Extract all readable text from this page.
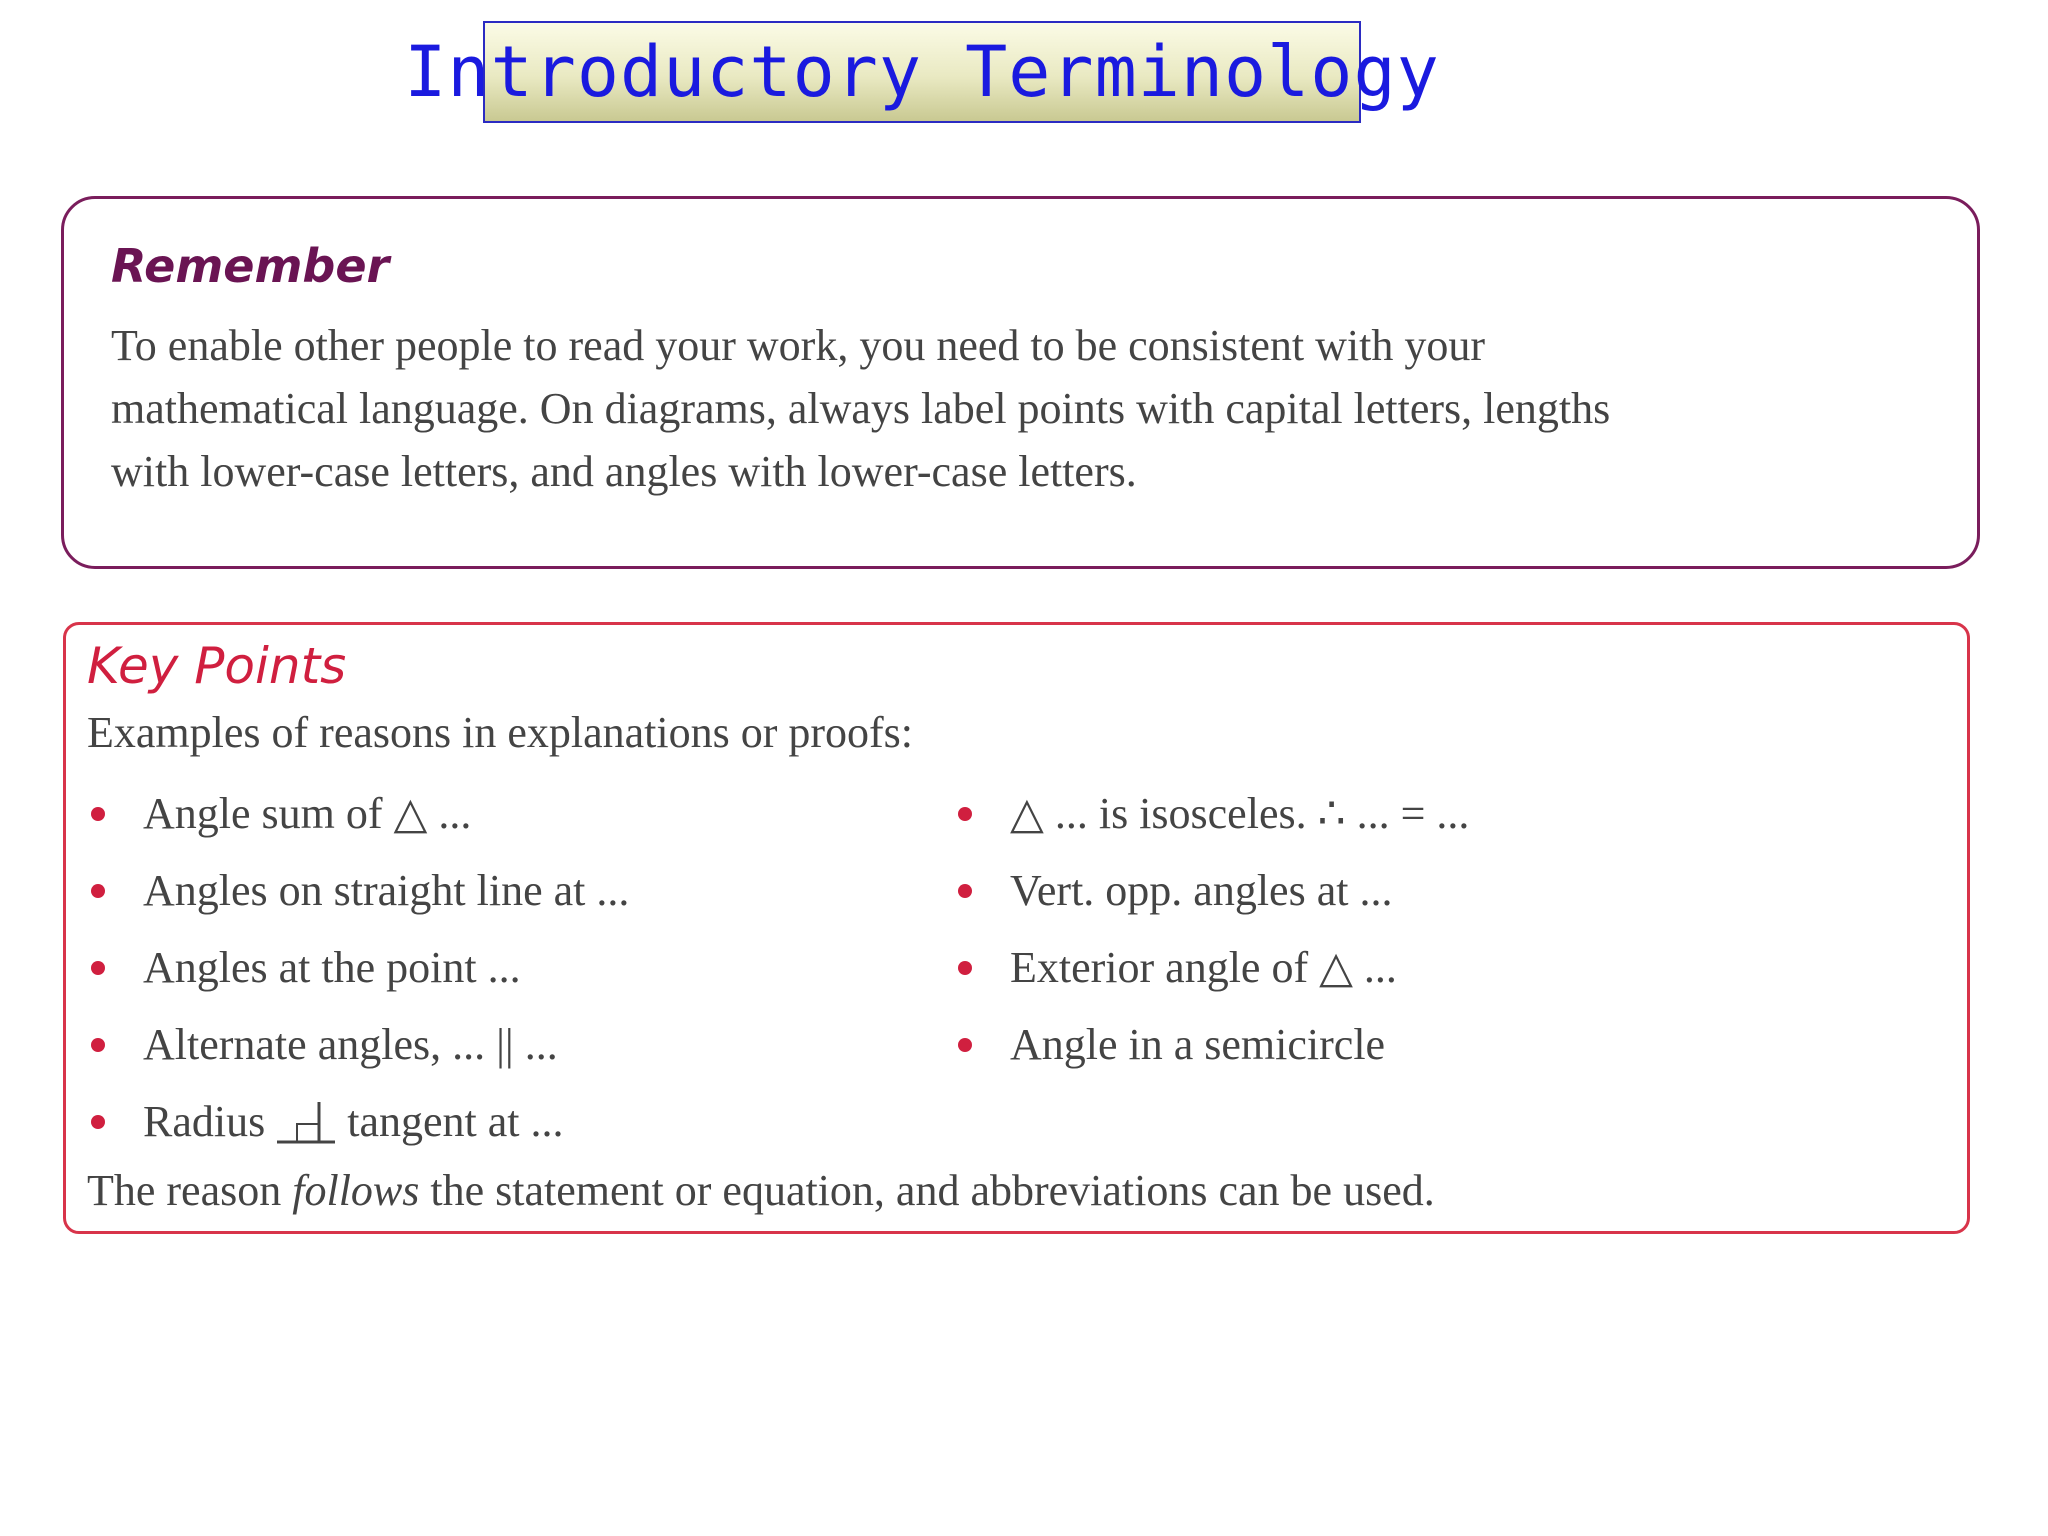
Introductory Terminology
Remember
To enable other people to read your work, you need to be consistent with your
mathematical language. On diagrams, always label points with capital letters, lengths
with lower-case letters, and angles with lower-case letters.
Key Points
Examples of reasons in explanations or proofs:
Angle sum of △ ...
Angles on straight line at ...
Angles at the point ...
Alternate angles, ... || ...
Radius tangent at ...
△ ... is isosceles. ∴ ... = ...
Vert. opp. angles at ...
Exterior angle of △ ...
Angle in a semicircle
The reason follows the statement or equation, and abbreviations can be used.
